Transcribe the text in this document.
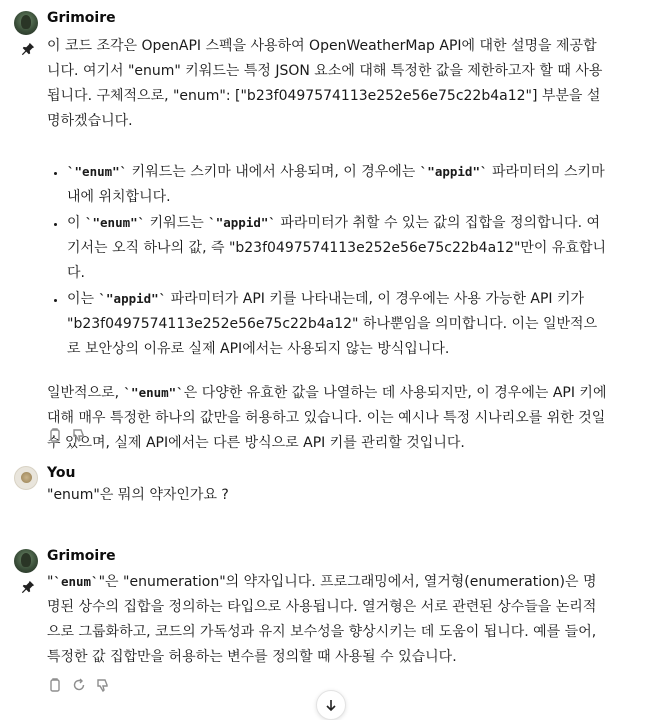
Grimoire

이 코드 조각은 OpenAPI 스펙을 사용하여 OpenWeatherMap API에 대한 설명을 제공합니다. 여기서 "enum" 키워드는 특정 JSON 요소에 대해 특정한 값을 제한하고자 할 때 사용됩니다. 구체적으로, "enum": ["b23f0497574113e252e56e75c22b4a12"] 부분을 설명하겠습니다.

• `"enum"` 키워드는 스키마 내에서 사용되며, 이 경우에는 `"appid"` 파라미터의 스키마 내에 위치합니다.
• 이 `"enum"` 키워드는 `"appid"` 파라미터가 취할 수 있는 값의 집합을 정의합니다. 여기서는 오직 하나의 값, 즉 "b23f0497574113e252e56e75c22b4a12"만이 유효합니다.
• 이는 `"appid"` 파라미터가 API 키를 나타내는데, 이 경우에는 사용 가능한 API 키가 "b23f0497574113e252e56e75c22b4a12" 하나뿐임을 의미합니다. 이는 일반적으로 보안상의 이유로 실제 API에서는 사용되지 않는 방식입니다.

일반적으로, `"enum"`은 다양한 유효한 값을 나열하는 데 사용되지만, 이 경우에는 API 키에 대해 매우 특정한 하나의 값만을 허용하고 있습니다. 이는 예시나 특정 시나리오를 위한 것일 수 있으며, 실제 API에서는 다른 방식으로 API 키를 관리할 것입니다.

You

"enum"은 뭐의 약자인가요 ?

Grimoire

"`enum`"은 "enumeration"의 약자입니다. 프로그래밍에서, 열거형(enumeration)은 명명된 상수의 집합을 정의하는 타입으로 사용됩니다. 열거형은 서로 관련된 상수들을 논리적으로 그룹화하고, 코드의 가독성과 유지 보수성을 향상시키는 데 도움이 됩니다. 예를 들어, 특정한 값 집합만을 허용하는 변수를 정의할 때 사용될 수 있습니다.
